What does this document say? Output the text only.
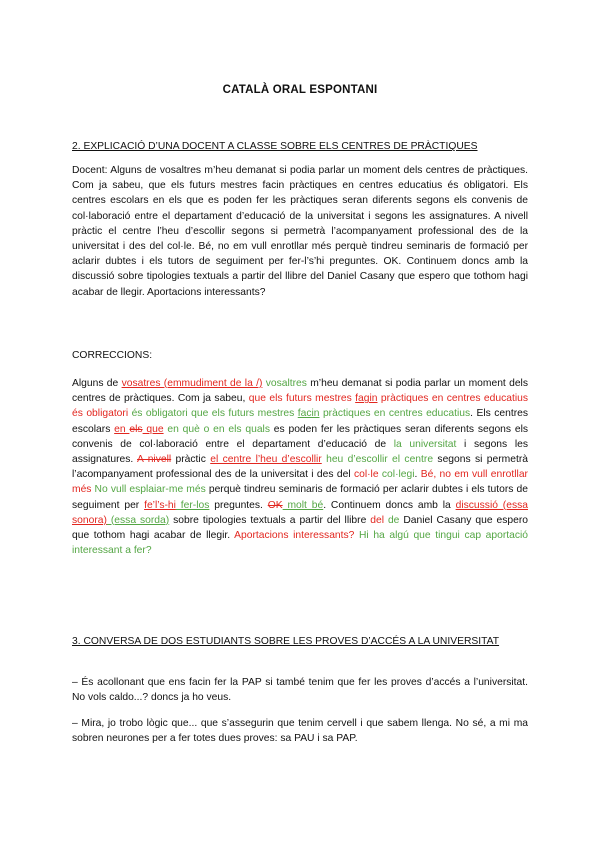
CATALÀ ORAL ESPONTANI
2. EXPLICACIÓ D’UNA DOCENT A CLASSE SOBRE ELS CENTRES DE PRÀCTIQUES
Docent: Alguns de vosaltres m’heu demanat si podia parlar un moment dels centres de pràctiques. Com ja sabeu, que els futurs mestres facin pràctiques en centres educatius és obligatori. Els centres escolars en els que es poden fer les pràctiques seran diferents segons els convenis de col·laboració entre el departament d’educació de la universitat i segons les assignatures. A nivell pràctic el centre l’heu d’escollir segons si permetrà l’acompanyament professional des de la universitat i des del col·le. Bé, no em vull enrotllar més perquè tindreu seminaris de formació per aclarir dubtes i els tutors de seguiment per fer-l’s’hi preguntes. OK. Continuem doncs amb la discussió sobre tipologies textuals a partir del llibre del Daniel Casany que espero que tothom hagi acabar de llegir. Aportacions interessants?
CORRECCIONS:
Alguns de vosatres (emmudiment de la /) vosaltres m’heu demanat si podia parlar un moment dels centres de pràctiques. Com ja sabeu, que els futurs mestres fagin pràctiques en centres educatius és obligatori és obligatori que els futurs mestres facin pràctiques en centres educatius. Els centres escolars en els que en què o en els quals es poden fer les pràctiques seran diferents segons els convenis de col·laboració entre el departament d’educació de la universitat i segons les assignatures. A nivell pràctic el centre l’heu d’escollir heu d’escollir el centre segons si permetrà l’acompanyament professional des de la universitat i des del col·le col·legi. Bé, no em vull enrotllar més No vull esplaiar-me més perquè tindreu seminaris de formació per aclarir dubtes i els tutors de seguiment per fe’l’s-hi fer-los preguntes. OK molt bé. Continuem doncs amb la discussió (essa sonora) (essa sorda) sobre tipologies textuals a partir del llibre del de Daniel Casany que espero que tothom hagi acabar de llegir. Aportacions interessants? Hi ha algú que tingui cap aportació interessant a fer?
3. CONVERSA DE DOS ESTUDIANTS SOBRE LES PROVES D’ACCÉS A LA UNIVERSITAT
– És acollonant que ens facin fer la PAP si també tenim que fer les proves d’accés a l’universitat. No vols caldo...? doncs ja ho veus.
– Mira, jo trobo lògic que... que s’assegurin que tenim cervell i que sabem llenga. No sé, a mi ma sobren neurones per a fer totes dues proves: sa PAU i sa PAP.
